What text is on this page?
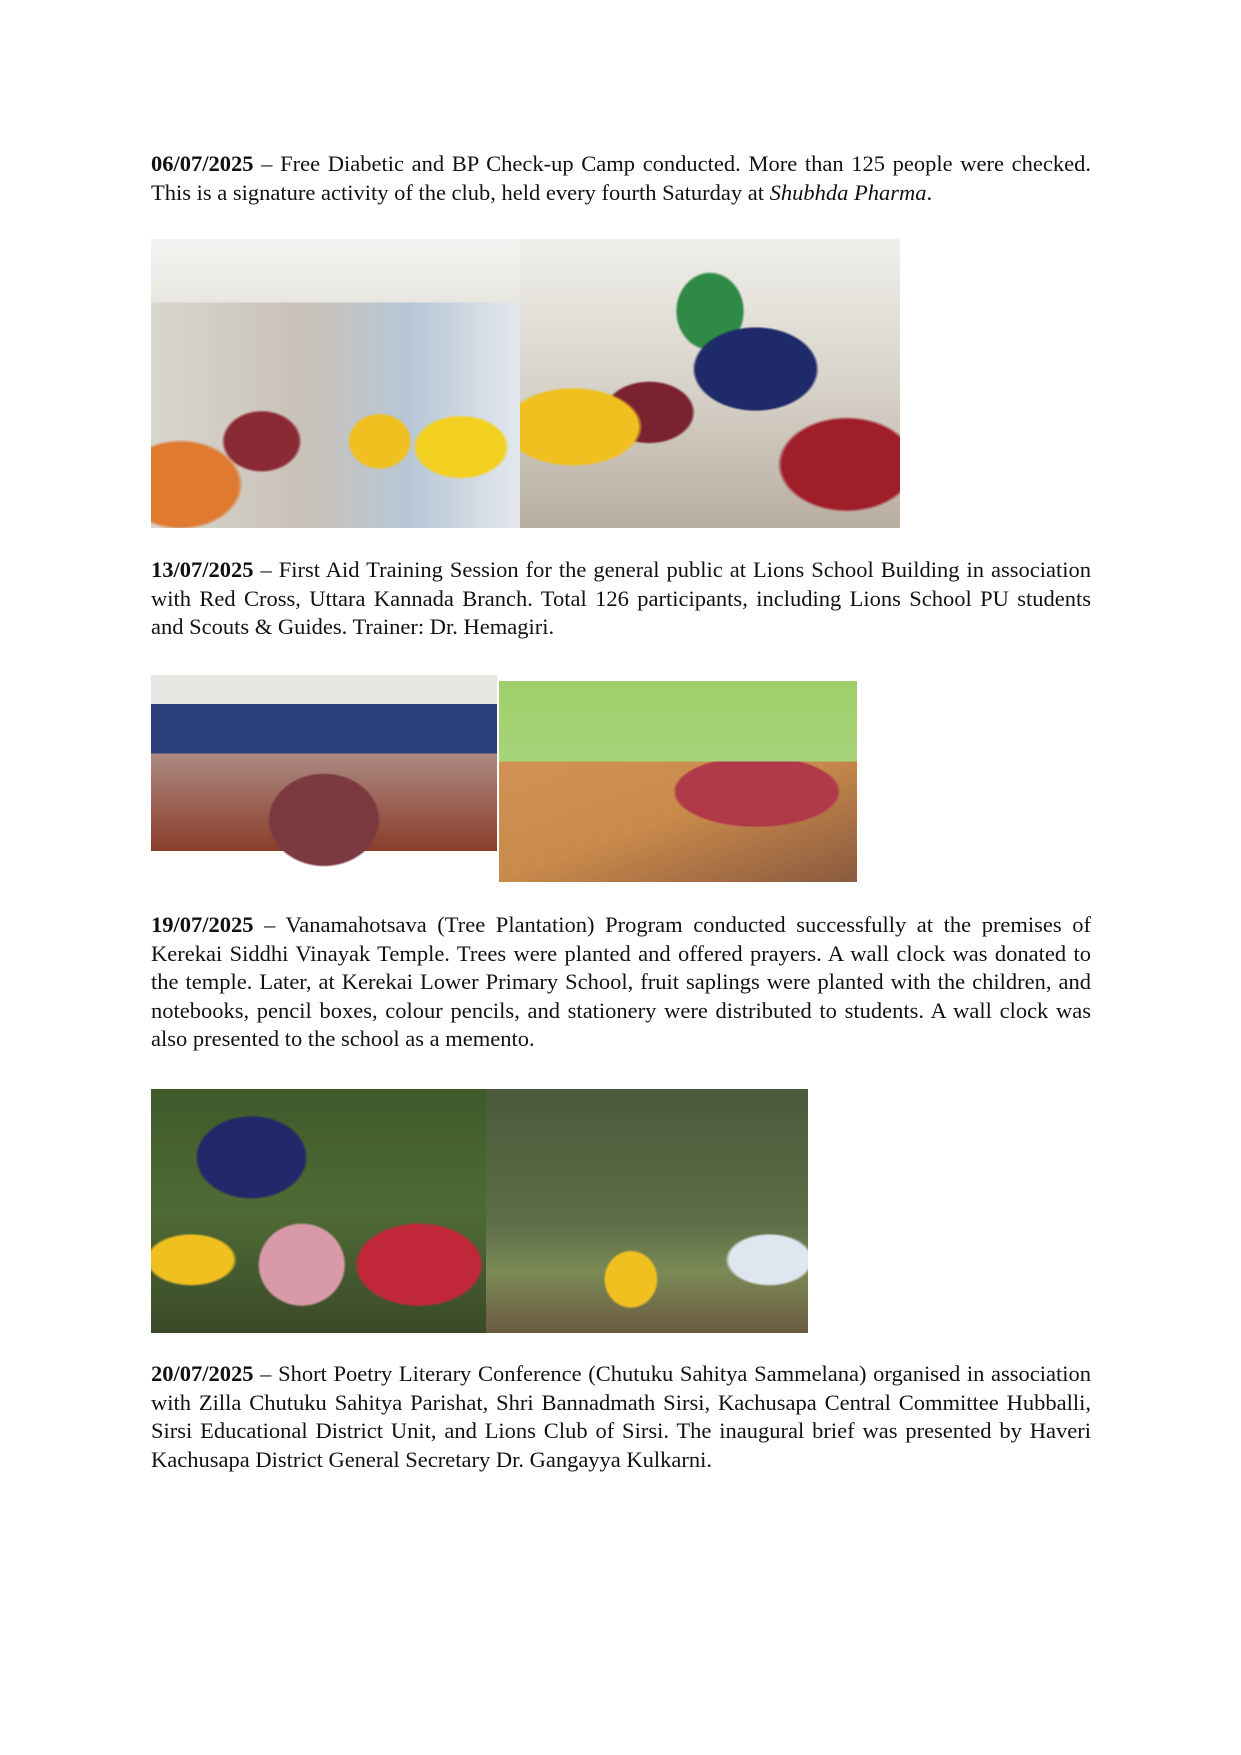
06/07/2025 – Free Diabetic and BP Check-up Camp conducted. More than 125 people were checked. This is a signature activity of the club, held every fourth Saturday at Shubhda Pharma.

13/07/2025 – First Aid Training Session for the general public at Lions School Building in association with Red Cross, Uttara Kannada Branch. Total 126 participants, including Lions School PU students and Scouts & Guides. Trainer: Dr. Hemagiri.

19/07/2025 – Vanamahotsava (Tree Plantation) Program conducted successfully at the premises of Kerekai Siddhi Vinayak Temple. Trees were planted and offered prayers. A wall clock was donated to the temple. Later, at Kerekai Lower Primary School, fruit saplings were planted with the children, and notebooks, pencil boxes, colour pencils, and stationery were distributed to students. A wall clock was also presented to the school as a memento.

20/07/2025 – Short Poetry Literary Conference (Chutuku Sahitya Sammelana) organised in association with Zilla Chutuku Sahitya Parishat, Shri Bannadmath Sirsi, Kachusapa Central Committee Hubballi, Sirsi Educational District Unit, and Lions Club of Sirsi. The inaugural brief was presented by Haveri Kachusapa District General Secretary Dr. Gangayya Kulkarni.
